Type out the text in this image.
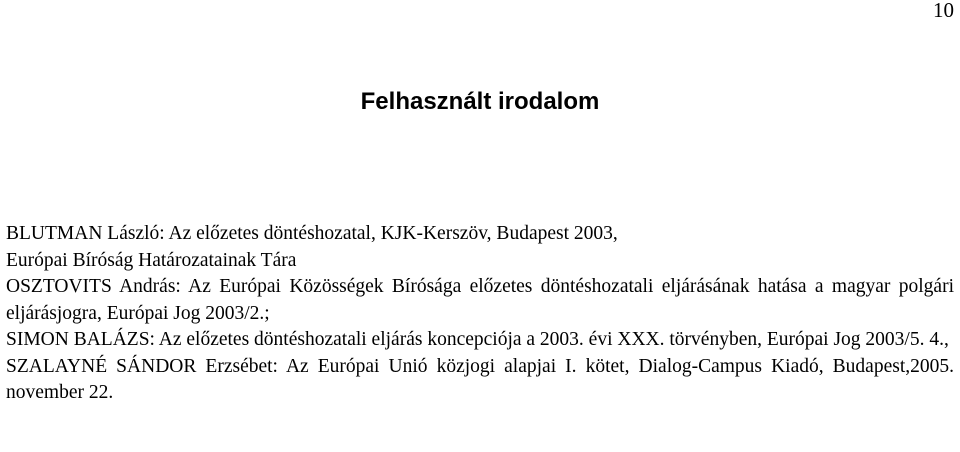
10
Felhasznált irodalom

BLUTMAN László: Az előzetes döntéshozatal, KJK-Kerszöv, Budapest 2003,

Európai Bíróság Határozatainak Tára

OSZTOVITS András: Az Európai Közösségek Bírósága előzetes döntéshozatali eljárásának hatása a magyar polgári eljárásjogra, Európai Jog 2003/2.;

SIMON BALÁZS: Az előzetes döntéshozatali eljárás koncepciója a 2003. évi XXX. törvényben, Európai Jog 2003/5. 4.,

SZALAYNÉ SÁNDOR Erzsébet: Az Európai Unió közjogi alapjai I. kötet, Dialog-Campus Kiadó, Budapest,2005. november 22.
